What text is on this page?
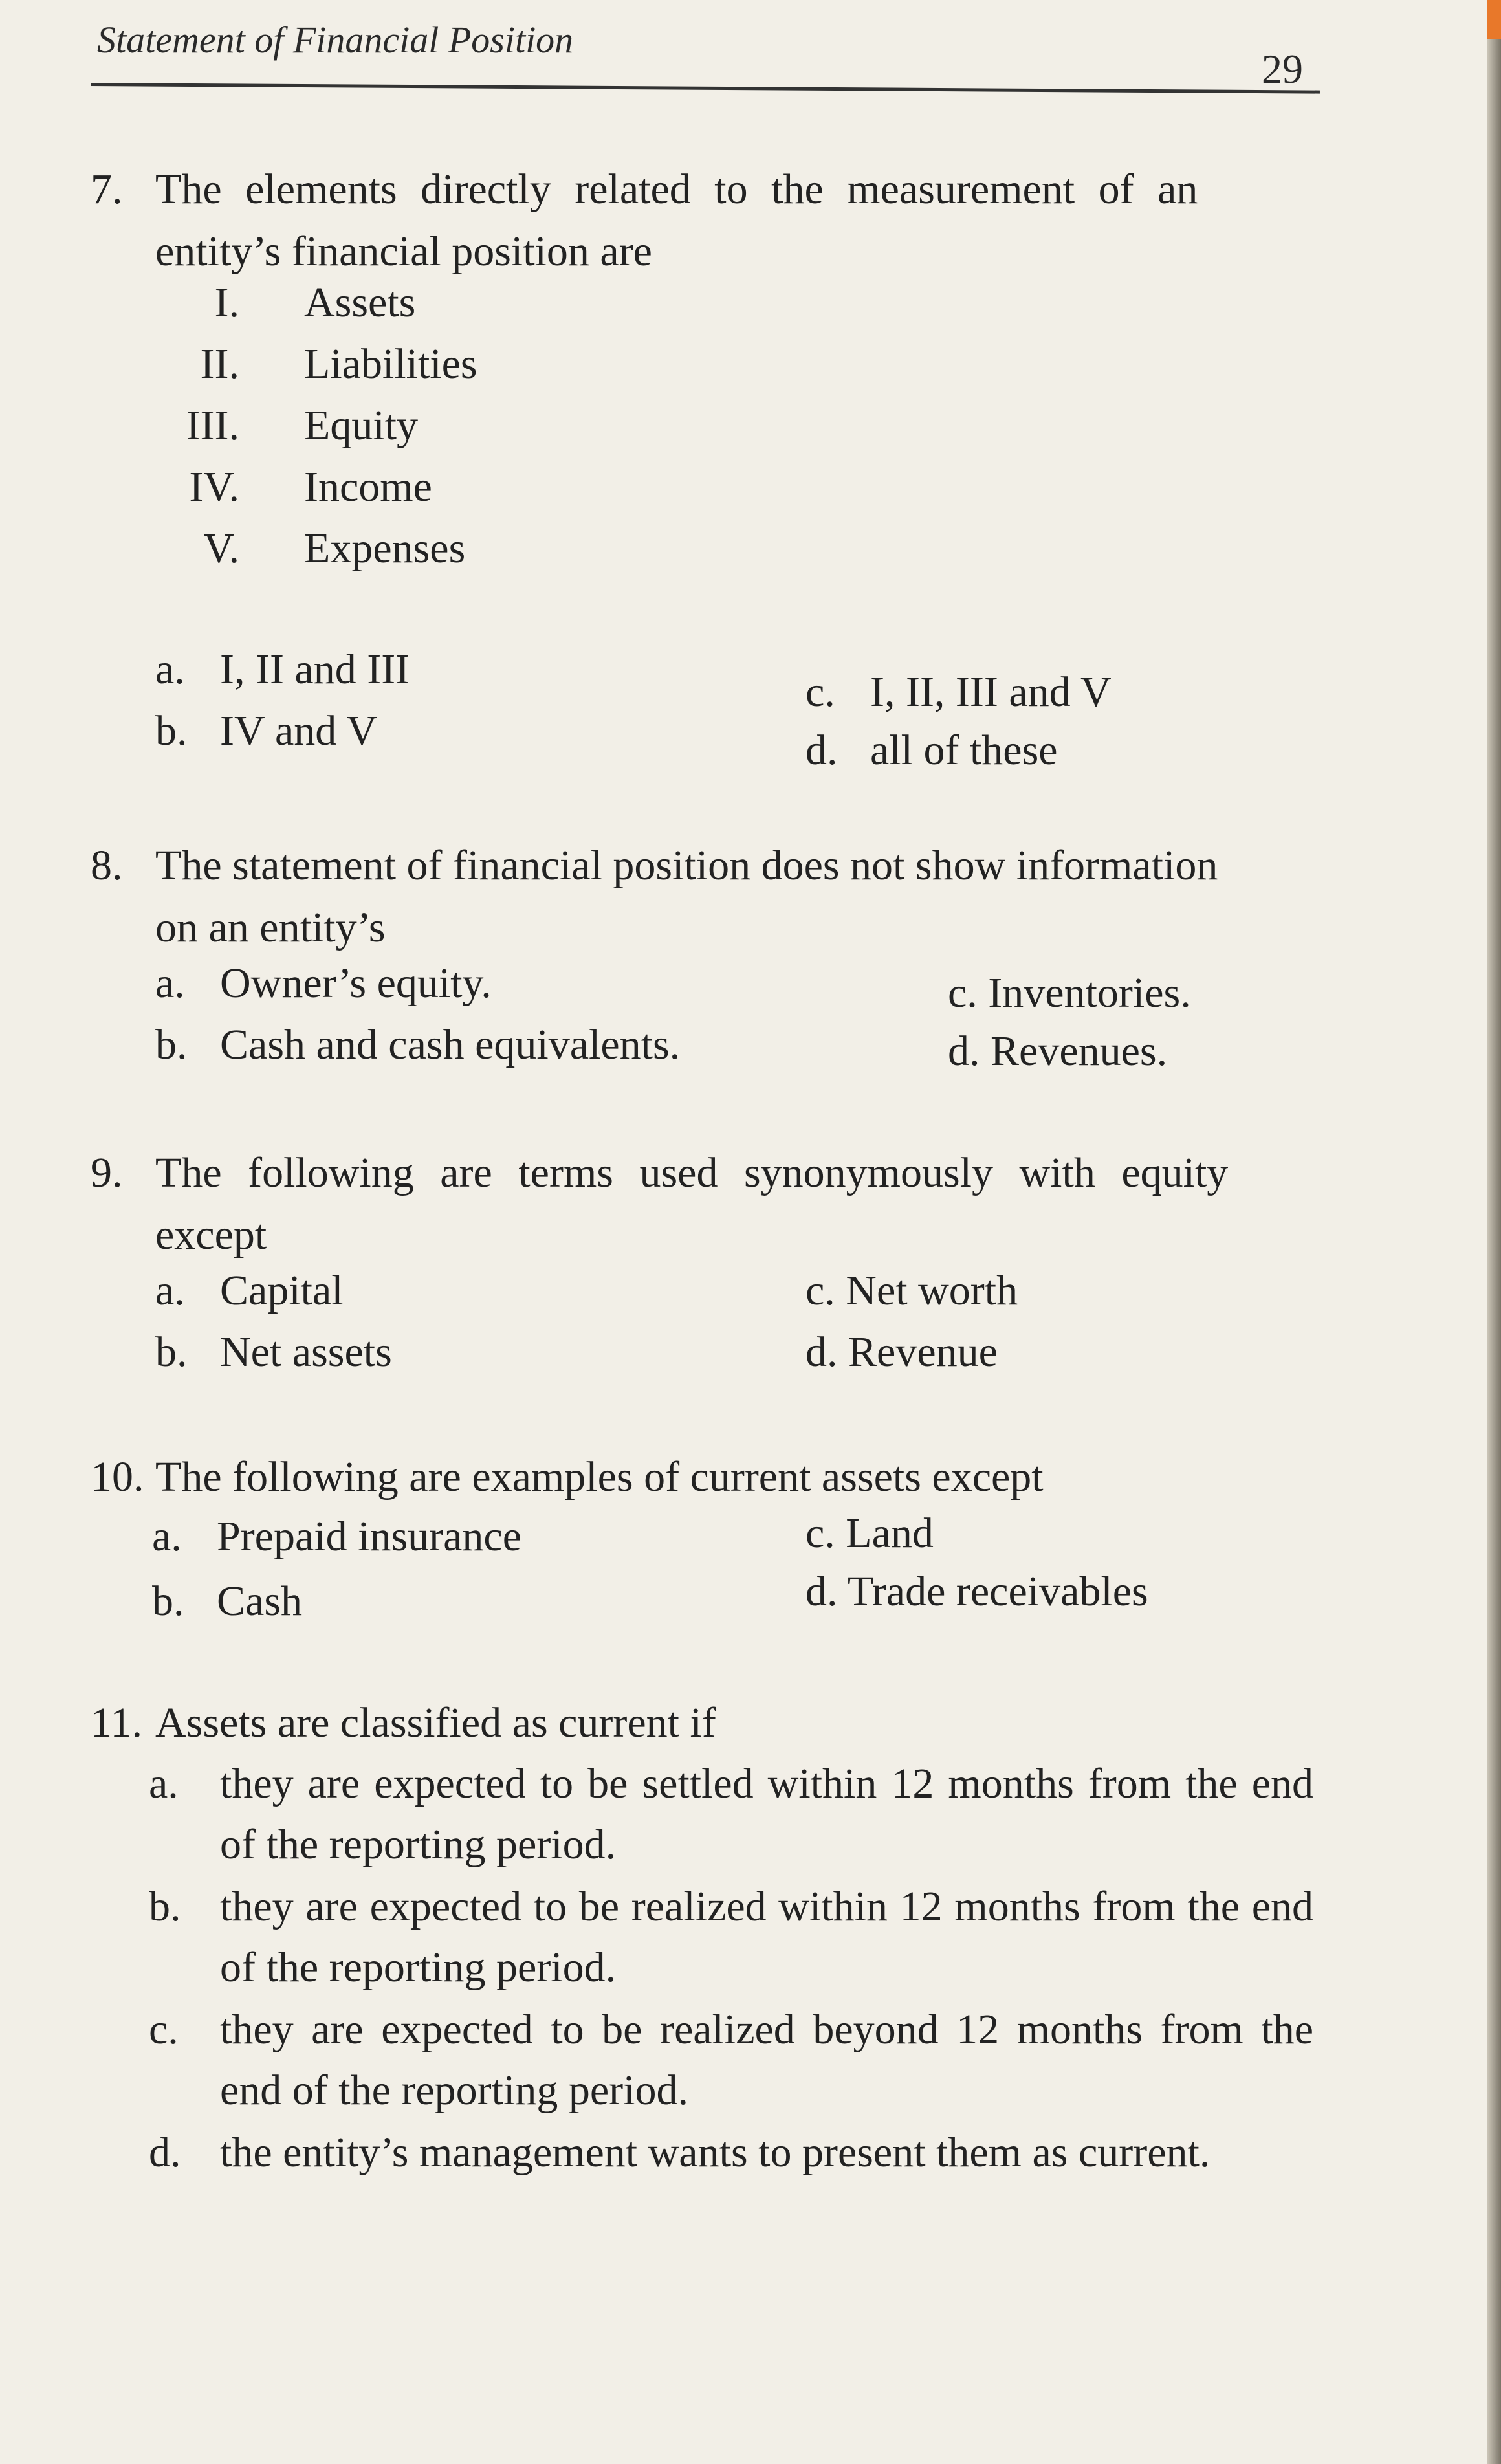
Statement of Financial Position
29
7. The elements directly related to the measurement of an
entity’s financial position are
I. Assets
II. Liabilities
III. Equity
IV. Income
V. Expenses
a. I, II and III
b. IV and V
c. I, II, III and V
d. all of these
8. The statement of financial position does not show information
on an entity’s
a. Owner’s equity.
b. Cash and cash equivalents.
c. Inventories.
d. Revenues.
9. The following are terms used synonymously with equity
except
a. Capital
b. Net assets
c. Net worth
d. Revenue
10. The following are examples of current assets except
a. Prepaid insurance
b. Cash
c. Land
d. Trade receivables
11. Assets are classified as current if
a. they are expected to be settled within 12 months from the end of the reporting period.
b. they are expected to be realized within 12 months from the end of the reporting period.
c. they are expected to be realized beyond 12 months from the end of the reporting period.
d. the entity’s management wants to present them as current.
